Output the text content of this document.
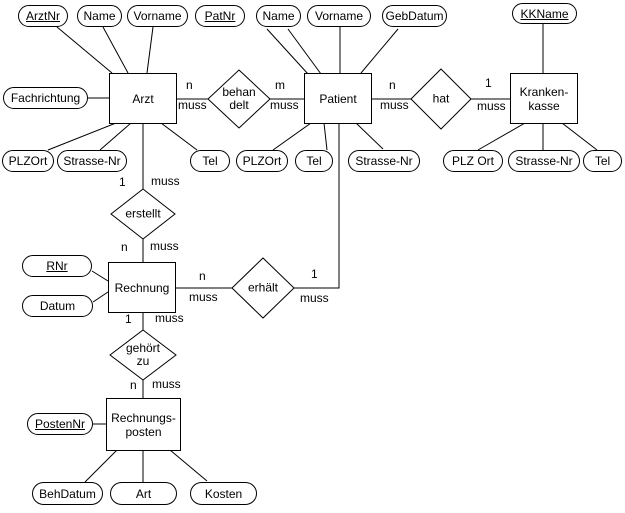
Arzt	Patient	Kranken-
kasse
Rechnung
Rechnungs-
posten
behan
delt	hat
erstellt
erhält
gehört
zu
ArztNr Name Vorname
Fachrichtung
PLZOrt Strasse-Nr	Tel
PatNr Name Vorname GebDatum
PLZOrt Tel	Strasse-Nr
KKName
PLZ Ort Strasse-Nr Tel
RNr
Datum
PostenNr
BehDatum	Art	Kosten
n
muss
m
muss
n
muss
1
muss
1 muss
n muss
n
muss
1
muss
1 muss
n muss
